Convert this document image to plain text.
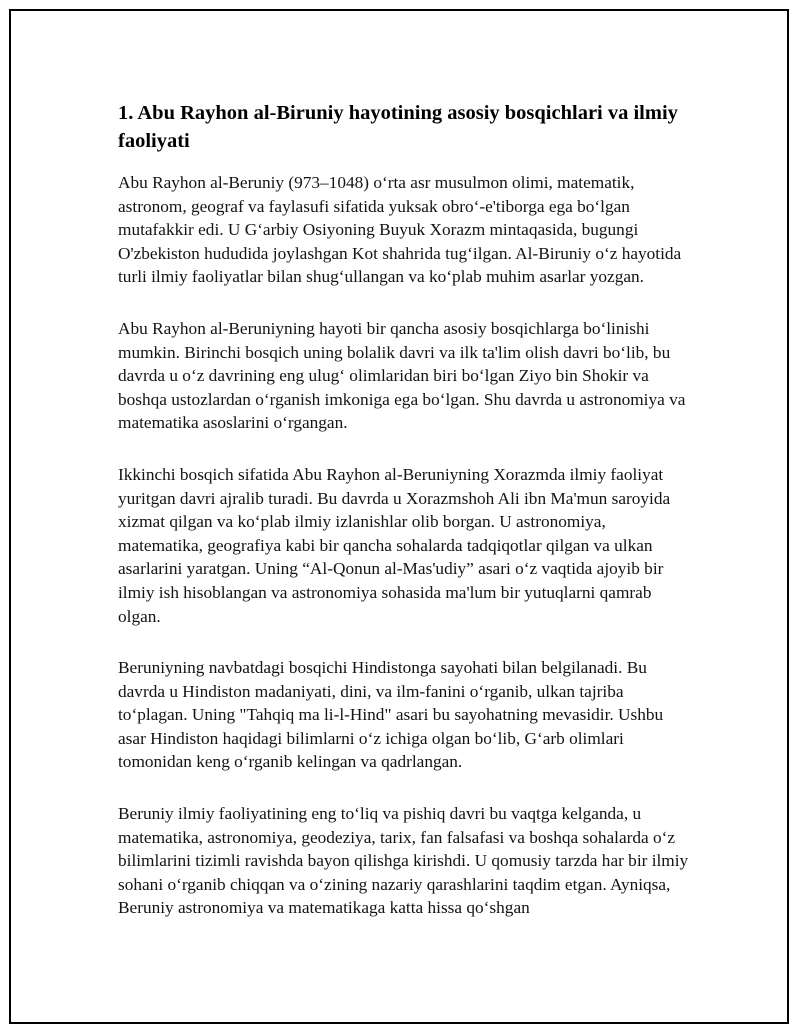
1. Abu Rayhon al-Biruniy hayotining asosiy bosqichlari va ilmiy faoliyati

Abu Rayhon al-Beruniy (973–1048) o‘rta asr musulmon olimi, matematik, astronom, geograf va faylasufi sifatida yuksak obro‘-e'tiborga ega bo‘lgan mutafakkir edi. U G‘arbiy Osiyoning Buyuk Xorazm mintaqasida, bugungi O'zbekiston hududida joylashgan Kot shahrida tug‘ilgan. Al-Biruniy o‘z hayotida turli ilmiy faoliyatlar bilan shug‘ullangan va ko‘plab muhim asarlar yozgan.

Abu Rayhon al-Beruniyning hayoti bir qancha asosiy bosqichlarga bo‘linishi mumkin. Birinchi bosqich uning bolalik davri va ilk ta'lim olish davri bo‘lib, bu davrda u o‘z davrining eng ulug‘ olimlaridan biri bo‘lgan Ziyo bin Shokir va boshqa ustozlardan o‘rganish imkoniga ega bo‘lgan. Shu davrda u astronomiya va matematika asoslarini o‘rgangan.

Ikkinchi bosqich sifatida Abu Rayhon al-Beruniyning Xorazmda ilmiy faoliyat yuritgan davri ajralib turadi. Bu davrda u Xorazmshoh Ali ibn Ma'mun saroyida xizmat qilgan va ko‘plab ilmiy izlanishlar olib borgan. U astronomiya, matematika, geografiya kabi bir qancha sohalarda tadqiqotlar qilgan va ulkan asarlarini yaratgan. Uning “Al-Qonun al-Mas'udiy” asari o‘z vaqtida ajoyib bir ilmiy ish hisoblangan va astronomiya sohasida ma'lum bir yutuqlarni qamrab olgan.

Beruniyning navbatdagi bosqichi Hindistonga sayohati bilan belgilanadi. Bu davrda u Hindiston madaniyati, dini, va ilm-fanini o‘rganib, ulkan tajriba to‘plagan. Uning "Tahqiq ma li-l-Hind" asari bu sayohatning mevasidir. Ushbu asar Hindiston haqidagi bilimlarni o‘z ichiga olgan bo‘lib, G‘arb olimlari tomonidan keng o‘rganib kelingan va qadrlangan.

Beruniy ilmiy faoliyatining eng to‘liq va pishiq davri bu vaqtga kelganda, u matematika, astronomiya, geodeziya, tarix, fan falsafasi va boshqa sohalarda o‘z bilimlarini tizimli ravishda bayon qilishga kirishdi. U qomusiy tarzda har bir ilmiy sohani o‘rganib chiqqan va o‘zining nazariy qarashlarini taqdim etgan. Ayniqsa, Beruniy astronomiya va matematikaga katta hissa qo‘shgan
